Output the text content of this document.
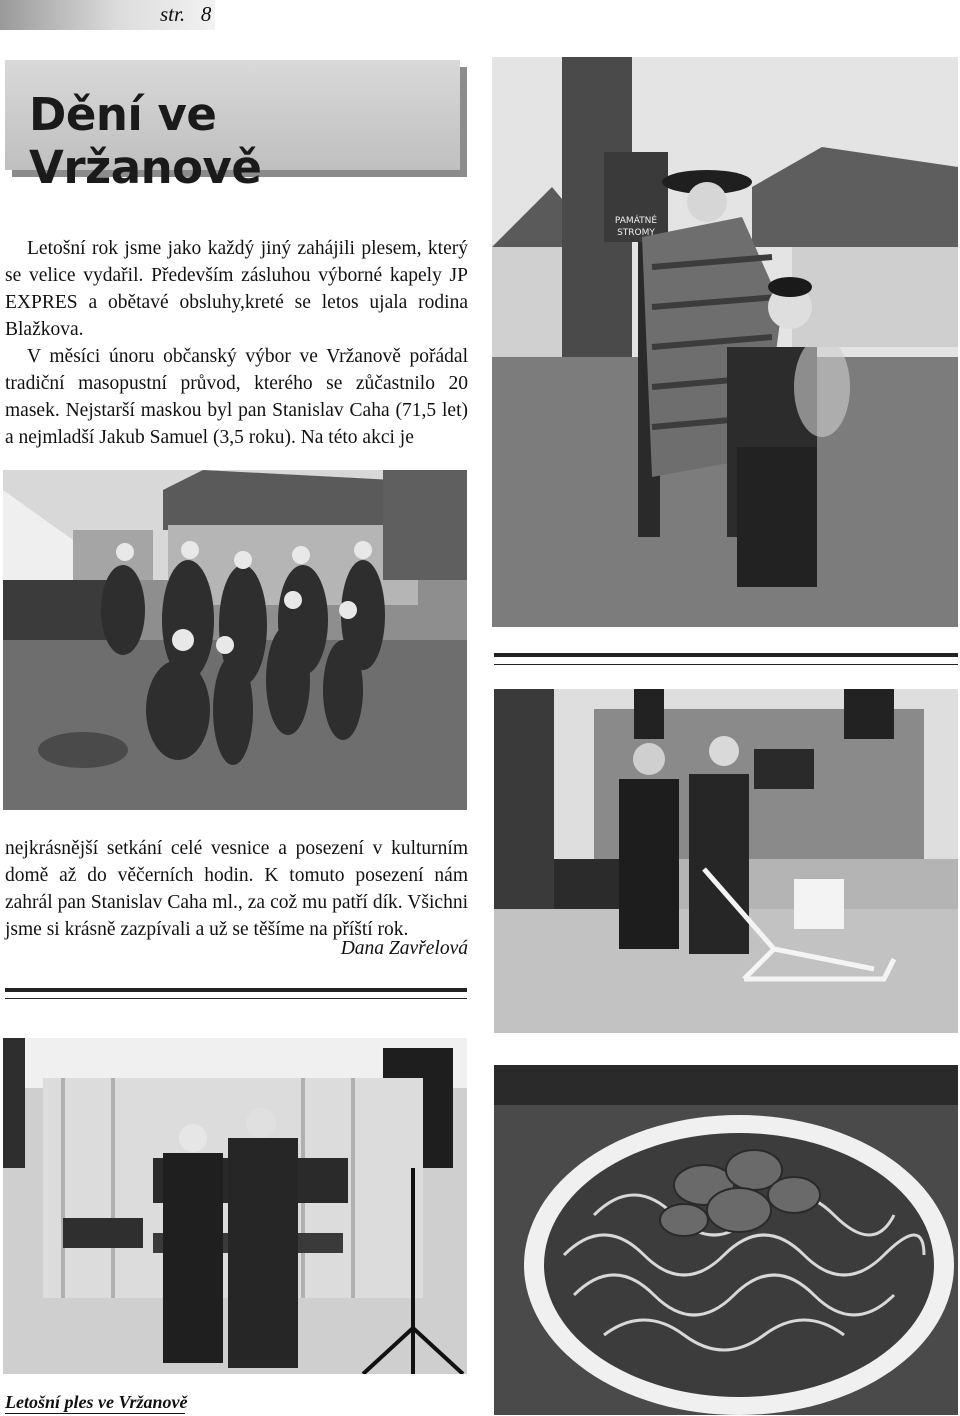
str. 8
Dění ve Vržanově

Letošní rok jsme jako každý jiný zahájili plesem, který se velice vydařil. Především zásluhou výborné kapely JP EXPRES a obětavé obsluhy,kreté se letos ujala rodina Blažkova.

V měsíci únoru občanský výbor ve Vržanově pořádal tradiční masopustní průvod, kterého se zůčastnilo 20 masek. Nejstarší maskou byl pan Stanislav Caha (71,5 let) a nejmladší Jakub Samuel (3,5 roku). Na této akci je

PAMÁTNÉ
STROMY

nejkrásnější setkání celé vesnice a posezení v kulturním domě až do věčerních hodin. K tomuto posezení nám zahrál pan Stanislav Caha ml., za což mu patří dík. Všichni jsme si krásně zazpívali a už se těšíme na příští rok.

Dana Zavřelová
Letošní ples ve Vržanově
